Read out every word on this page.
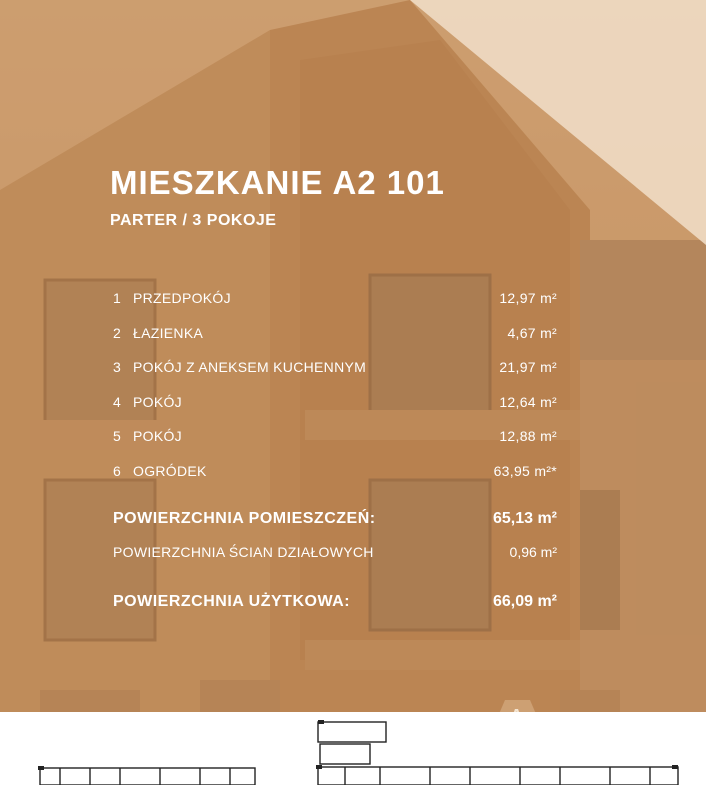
MIESZKANIE A2 101
PARTER / 3 POKOJE
1 PRZEDPOKÓJ	12,97 m²
2 ŁAZIENKA	4,67 m²
3 POKÓJ Z ANEKSEM KUCHENNYM	21,97 m²
4 POKÓJ	12,64 m²
5 POKÓJ	12,88 m²
6 OGRÓDEK	63,95 m²*
POWIERZCHNIA POMIESZCZEŃ:	65,13 m²
POWIERZCHNIA ŚCIAN DZIAŁOWYCH	0,96 m²
POWIERZCHNIA UŻYTKOWA:	66,09 m²
